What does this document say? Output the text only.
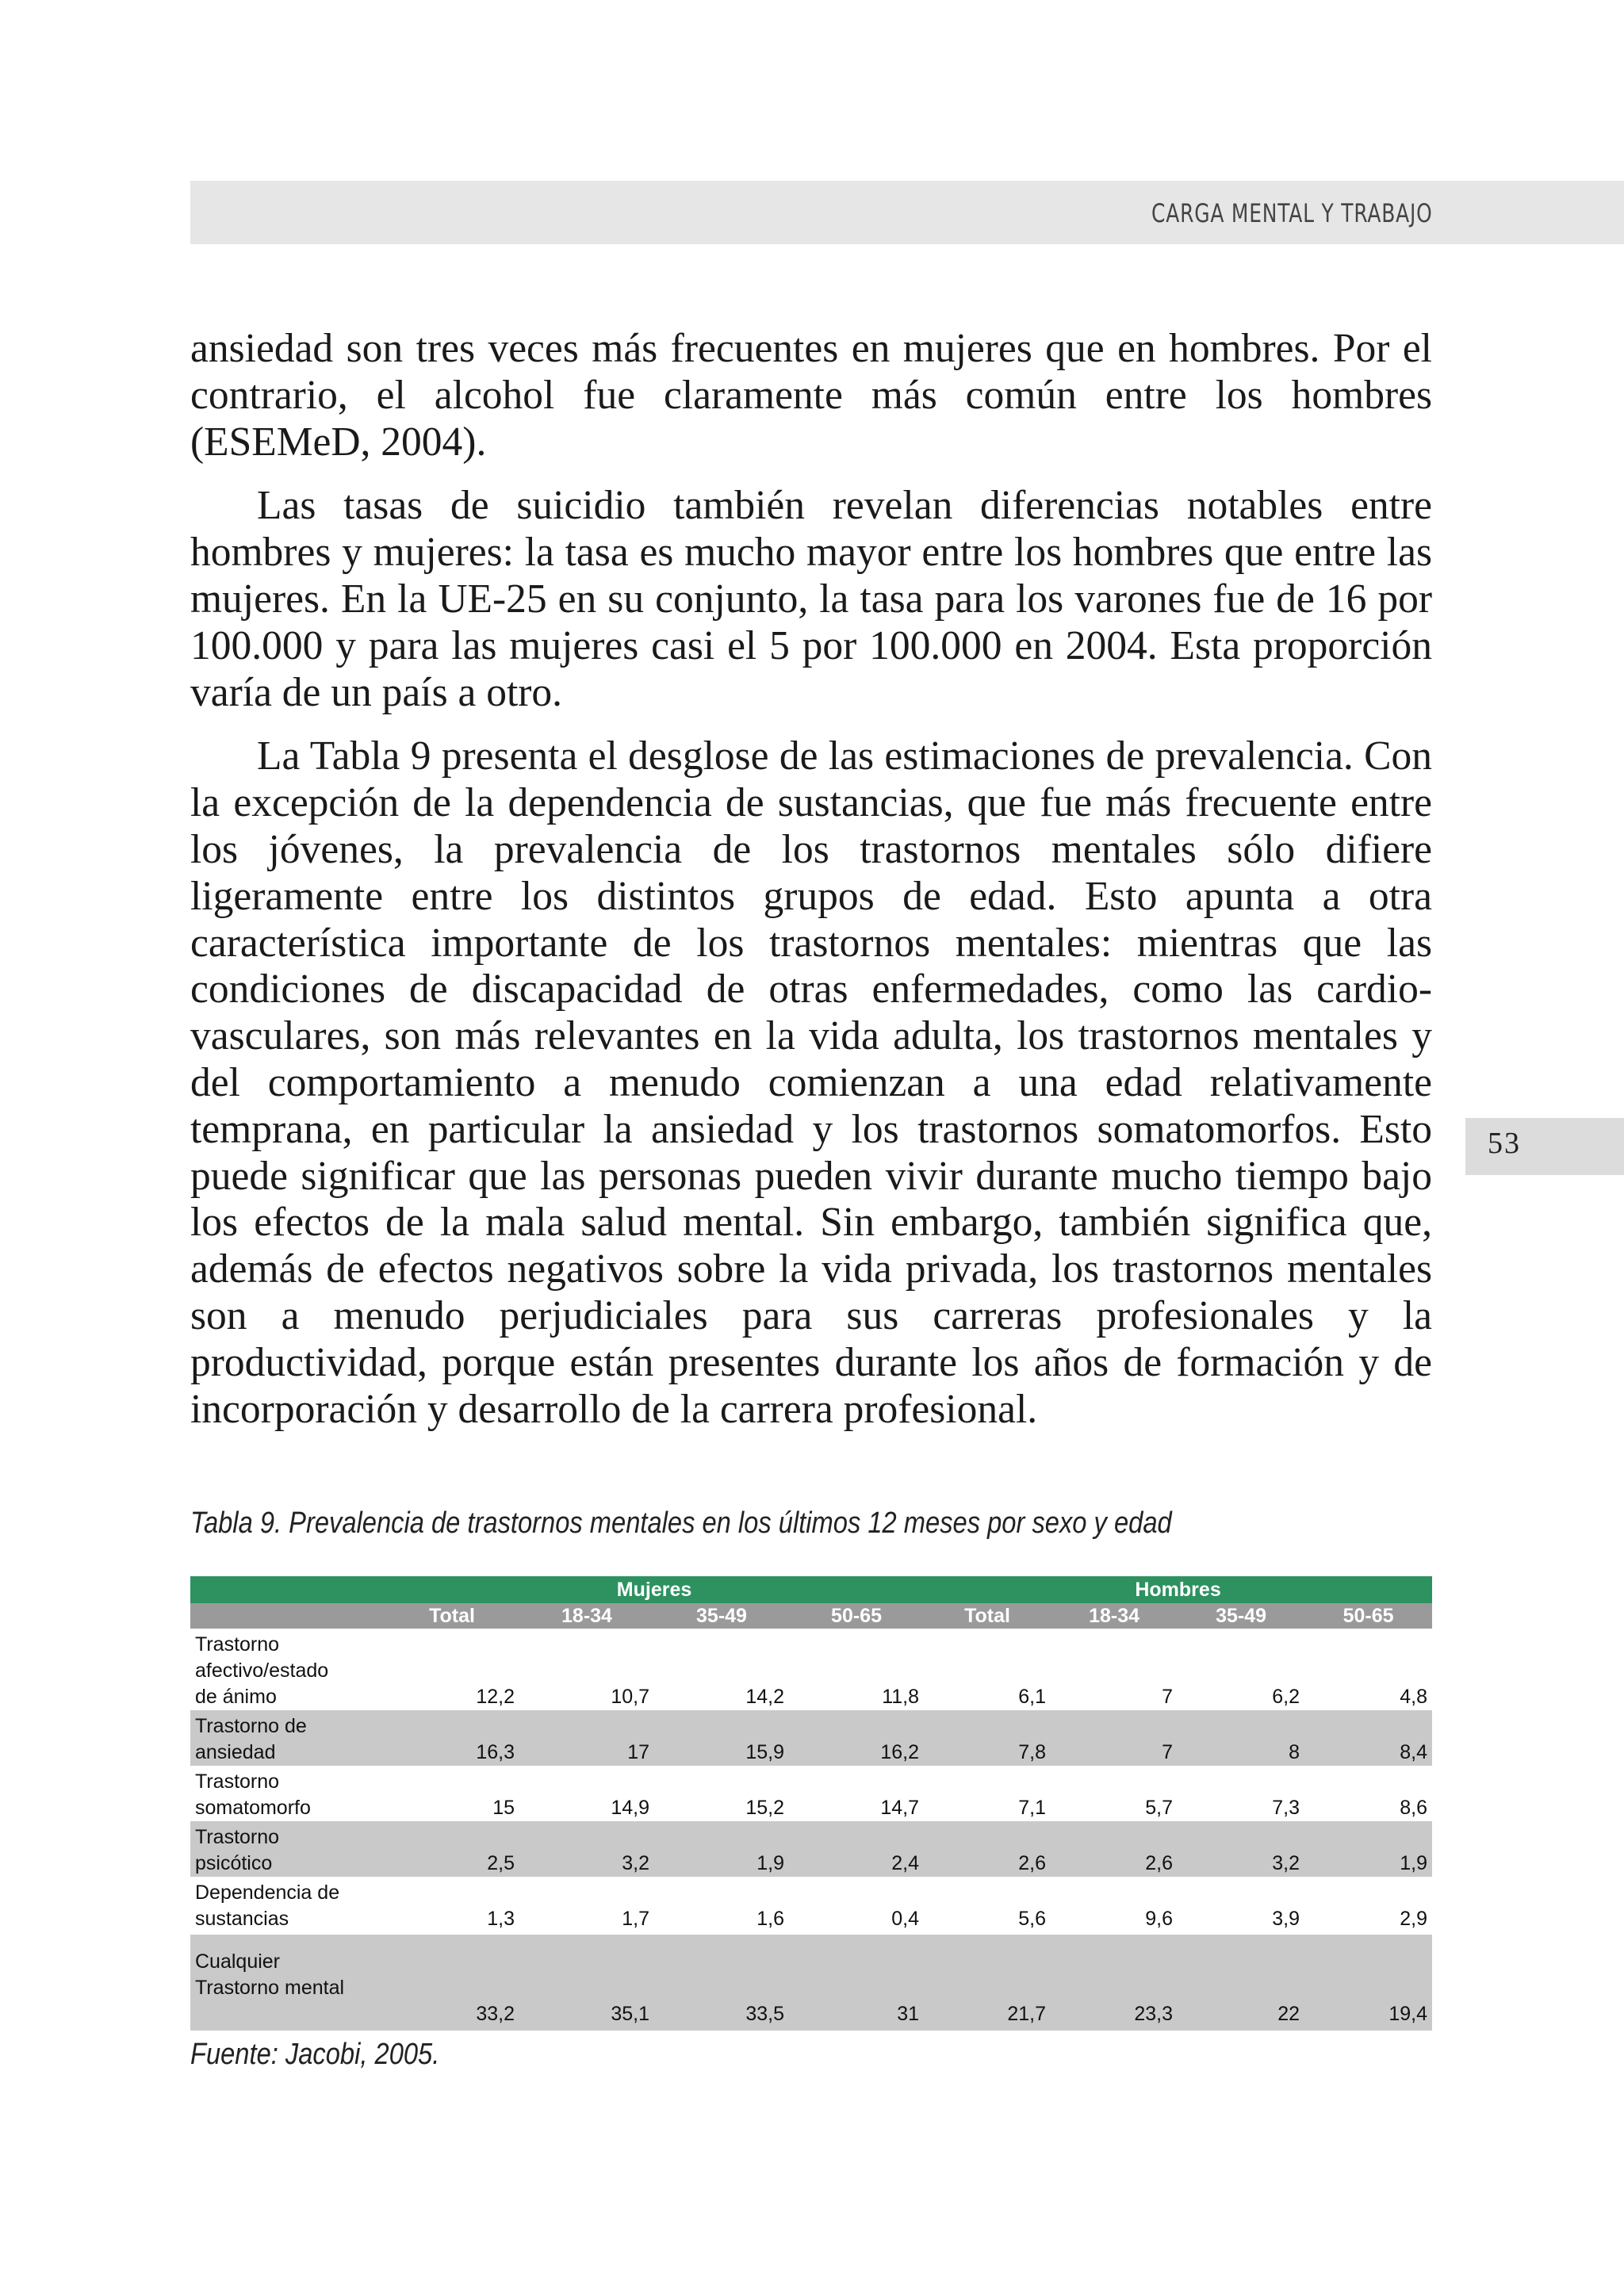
CARGA MENTAL Y TRABAJO
53

ansiedad son tres veces más frecuentes en mujeres que en hombres. Por el contrario, el alcohol fue claramente más común entre los hombres (ESEMeD, 2004).

Las tasas de suicidio también revelan diferencias notables entre hombres y mujeres: la tasa es mucho mayor entre los hombres que entre las mujeres. En la UE-25 en su conjunto, la tasa para los varones fue de 16 por 100.000 y para las mujeres casi el 5 por 100.000 en 2004. Esta proporción varía de un país a otro.

La Tabla 9 presenta el desglose de las estimaciones de prevalencia. Con la excepción de la dependencia de sustancias, que fue más frecuente entre los jóvenes, la prevalencia de los trastornos mentales sólo difiere ligeramente entre los distintos grupos de edad. Esto apunta a otra característica importante de los trastornos mentales: mientras que las condiciones de discapacidad de otras enfermedades, como las cardiovasculares, son más relevantes en la vida adulta, los trastornos mentales y del comportamiento a menudo comienzan a una edad relativamente temprana, en particular la ansiedad y los trastornos somatomorfos. Esto puede significar que las personas pueden vivir durante mucho tiempo bajo los efectos de la mala salud mental. Sin embargo, también significa que, además de efectos negativos sobre la vida privada, los trastornos mentales son a menudo perjudiciales para sus carreras profesionales y la productividad, porque están presentes durante los años de formación y de incorporación y desarrollo de la carrera profesional.

Tabla 9. Prevalencia de trastornos mentales en los últimos 12 meses por sexo y edad
	Mujeres				Hombres			
	Total	18-34	35-49	50-65	Total	18-34	35-49	50-65
Trastorno
afectivo/estado
de ánimo	12,2	10,7	14,2	11,8	6,1	7	6,2	4,8
Trastorno de
ansiedad	16,3	17	15,9	16,2	7,8	7	8	8,4
Trastorno
somatomorfo	15	14,9	15,2	14,7	7,1	5,7	7,3	8,6
Trastorno
psicótico	2,5	3,2	1,9	2,4	2,6	2,6	3,2	1,9
Dependencia de
sustancias	1,3	1,7	1,6	0,4	5,6	9,6	3,9	2,9
Cualquier
Trastorno mental	33,2	35,1	33,5	31	21,7	23,3	22	19,4
Fuente: Jacobi, 2005.
